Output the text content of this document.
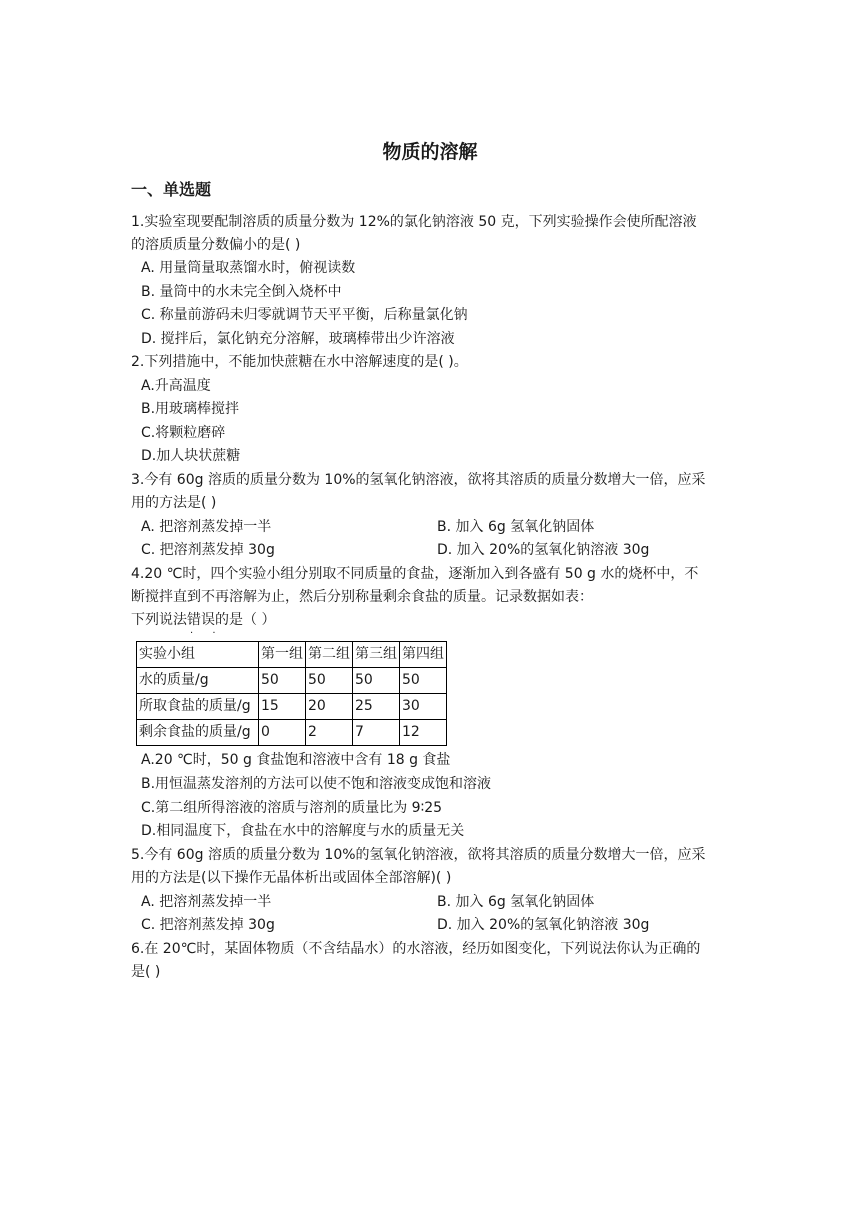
物质的溶解
一、单选题
1.实验室现要配制溶质的质量分数为 12%的氯化钠溶液 50 克，下列实验操作会使所配溶液
的溶质质量分数偏小的是( )
A. 用量筒量取蒸馏水时，俯视读数
B. 量筒中的水未完全倒入烧杯中
C. 称量前游码未归零就调节天平平衡，后称量氯化钠
D. 搅拌后，氯化钠充分溶解，玻璃棒带出少许溶液
2.下列措施中，不能加快蔗糖在水中溶解速度的是( )。
A.升高温度
B.用玻璃棒搅拌
C.将颗粒磨碎
D.加人块状蔗糖
3.今有 60g 溶质的质量分数为 10%的氢氧化钠溶液，欲将其溶质的质量分数增大一倍，应采
用的方法是( )
A. 把溶剂蒸发掉一半	B. 加入 6g 氢氧化钠固体
C. 把溶剂蒸发掉 30g	D. 加入 20%的氢氧化钠溶液 30g
4.20 ℃时，四个实验小组分别取不同质量的食盐，逐渐加入到各盛有 50 g 水的烧杯中，不
断搅拌直到不再溶解为止，然后分别称量剩余食盐的质量。记录数据如表：
下列说法错误的是（ ）
· ·
实验小组	第一组	第二组	第三组	第四组
水的质量/g	50	50	50	50
所取食盐的质量/g	15	20	25	30
剩余食盐的质量/g	0	2	7	12
A.20 ℃时，50 g 食盐饱和溶液中含有 18 g 食盐
B.用恒温蒸发溶剂的方法可以使不饱和溶液变成饱和溶液
C.第二组所得溶液的溶质与溶剂的质量比为 9∶25
D.相同温度下，食盐在水中的溶解度与水的质量无关
5.今有 60g 溶质的质量分数为 10%的氢氧化钠溶液，欲将其溶质的质量分数增大一倍，应采
用的方法是(以下操作无晶体析出或固体全部溶解)( )
A. 把溶剂蒸发掉一半	B. 加入 6g 氢氧化钠固体
C. 把溶剂蒸发掉 30g	D. 加入 20%的氢氧化钠溶液 30g
6.在 20℃时，某固体物质（不含结晶水）的水溶液，经历如图变化，下列说法你认为正确的
是( )
